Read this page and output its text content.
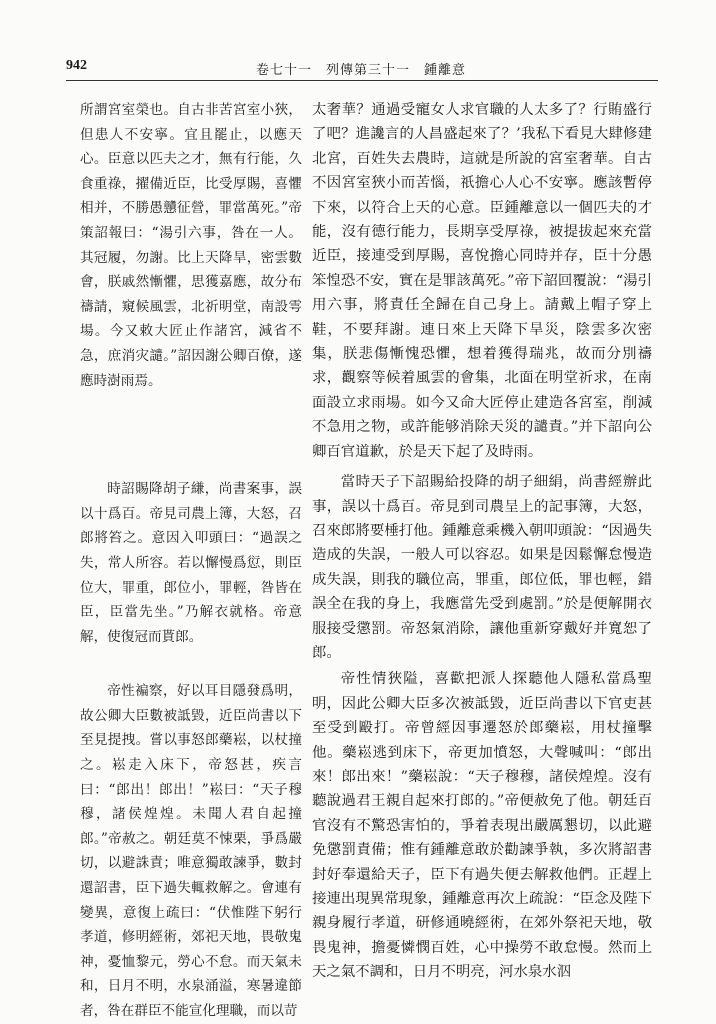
942	卷七十一　列傳第三十一　鍾離意

所謂宮室榮也。自古非苦宮室小狹，但患人不安寧。宜且罷止，以應天心。臣意以匹夫之才，無有行能，久食重祿，擢備近臣，比受厚賜，喜懼相并，不勝愚戇征營，罪當萬死。”帝策詔報曰：“湯引六事，咎在一人。其冠履，勿謝。比上天降旱，密雲數會，朕戚然慚懼，思獲嘉應，故分布禱請，窺候風雲，北祈明堂，南設雩場。今又敕大匠止作諸宮，減省不急，庶消灾譴。”詔因謝公卿百僚，遂應時澍雨焉。

時詔賜降胡子縑，尚書案事，誤以十爲百。帝見司農上簿，大怒，召郎將笞之。意因入叩頭曰：“過誤之失，常人所容。若以懈慢爲愆，則臣位大，罪重，郎位小，罪輕，咎皆在臣，臣當先坐。”乃解衣就格。帝意解，使復冠而貰郎。

帝性褊察，好以耳目隱發爲明，故公卿大臣數被詆毀，近臣尚書以下至見提拽。嘗以事怒郎藥崧，以杖撞之。崧走入床下，帝怒甚，疾言曰：“郎出！郎出！”崧曰：“天子穆穆，諸侯煌煌。未聞人君自起撞郎。”帝赦之。朝廷莫不悚栗，爭爲嚴切，以避誅責；唯意獨敢諫爭，數封還詔書，臣下過失輒救解之。會連有變異，意復上疏曰：“伏惟陛下躬行孝道，修明經術，郊祀天地，畏敬鬼神，憂恤黎元，勞心不怠。而天氣未和，日月不明，水泉涌溢，寒暑違節者，咎在群臣不能宣化理職，而以苛

太奢華？通過受寵女人求官職的人太多了？行賄盛行了吧？進讒言的人昌盛起來了？’我私下看見大肆修建北宮，百姓失去農時，這就是所說的宮室奢華。自古不因宮室狹小而苦惱，祇擔心人心不安寧。應該暫停下來，以符合上天的心意。臣鍾離意以一個匹夫的才能，沒有德行能力，長期享受厚祿，被提拔起來充當近臣，接連受到厚賜，喜悅擔心同時并存，臣十分愚笨惶恐不安，實在是罪該萬死。”帝下詔回覆說：“湯引用六事，將責任全歸在自己身上。請戴上帽子穿上鞋，不要拜謝。連日來上天降下旱災，陰雲多次密集，朕悲傷慚愧恐懼，想着獲得瑞兆，故而分別禱求，觀察等候着風雲的會集，北面在明堂祈求，在南面設立求雨場。如今又命大匠停止建造各宮室，削減不急用之物，或許能够消除天災的譴責。”并下詔向公卿百官道歉，於是天下起了及時雨。

當時天子下詔賜給投降的胡子細絹，尚書經辦此事，誤以十爲百。帝見到司農呈上的記事簿，大怒，召來郎將要棰打他。鍾離意乘機入朝叩頭說：“因過失造成的失誤，一般人可以容忍。如果是因鬆懈怠慢造成失誤，則我的職位高，罪重，郎位低，罪也輕，錯誤全在我的身上，我應當先受到處罰。”於是便解開衣服接受懲罰。帝怒氣消除，讓他重新穿戴好并寬恕了郎。

帝性情狹隘，喜歡把派人探聽他人隱私當爲聖明，因此公卿大臣多次被詆毀，近臣尚書以下官吏甚至受到毆打。帝曾經因事遷怒於郎藥崧，用杖撞擊他。藥崧逃到床下，帝更加憤怒，大聲喊叫：“郎出來！郎出來！”藥崧說：“天子穆穆，諸侯煌煌。沒有聽說過君王親自起來打郎的。”帝便赦免了他。朝廷百官沒有不驚恐害怕的，爭着表現出嚴厲懇切，以此避免懲罰責備；惟有鍾離意敢於勸諫爭執，多次將詔書封好奉還給天子，臣下有過失便去解救他們。正趕上接連出現異常現象，鍾離意再次上疏說：“臣念及陛下親身履行孝道，研修通曉經術，在郊外祭祀天地，敬畏鬼神，擔憂憐憫百姓，心中操勞不敢怠慢。然而上天之氣不調和，日月不明亮，河水泉水泅
